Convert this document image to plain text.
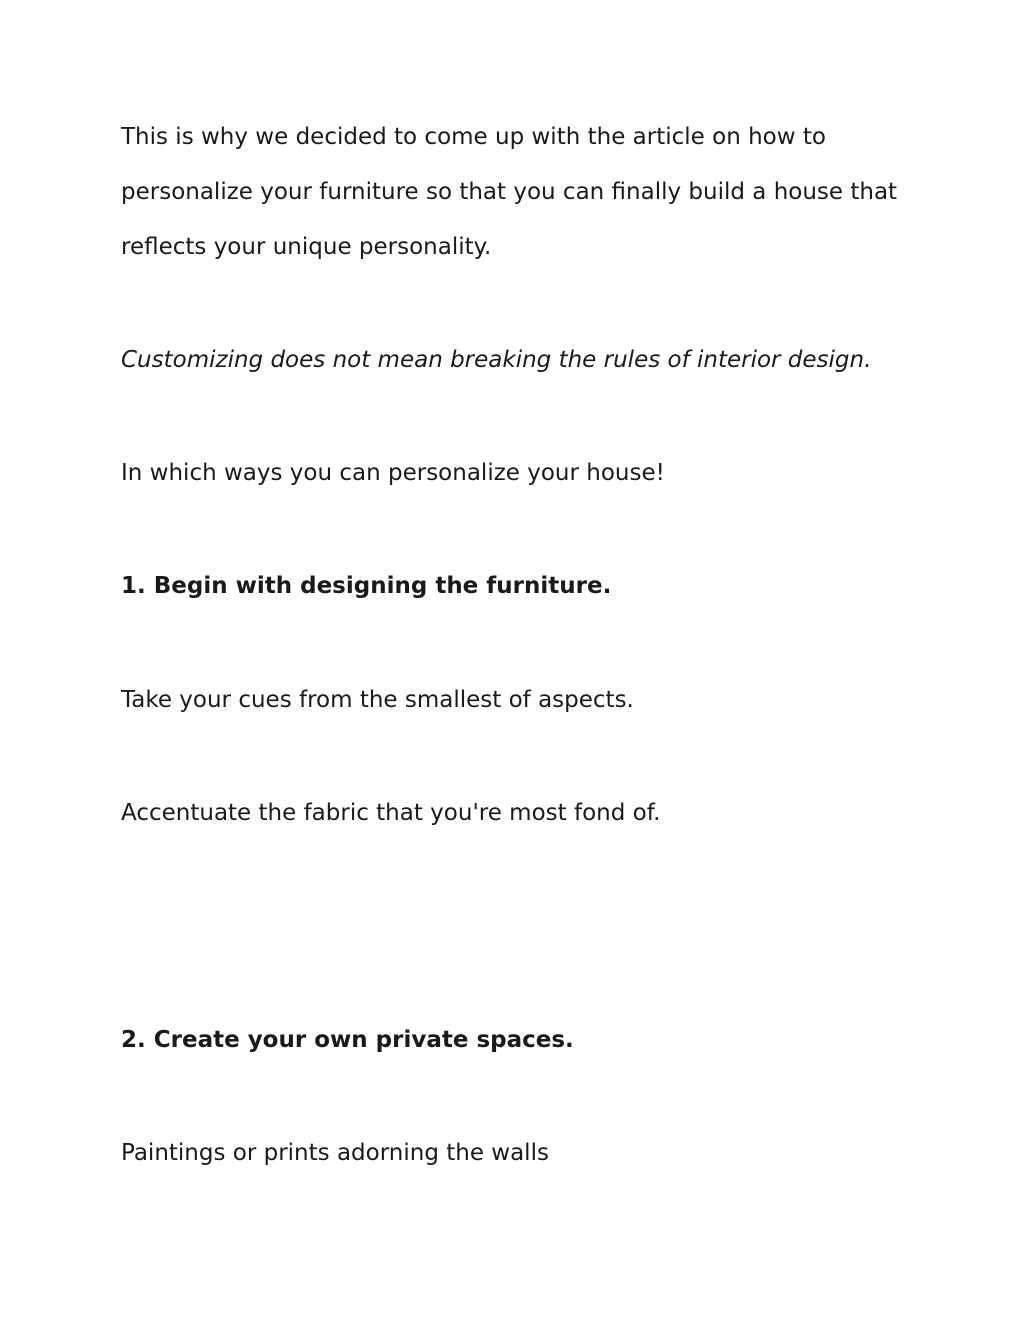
This is why we decided to come up with the article on how to
personalize your furniture so that you can finally build a house that
reflects your unique personality.

Customizing does not mean breaking the rules of interior design.

In which ways you can personalize your house!

1. Begin with designing the furniture.

Take your cues from the smallest of aspects.

Accentuate the fabric that you're most fond of.

2. Create your own private spaces.

Paintings or prints adorning the walls
